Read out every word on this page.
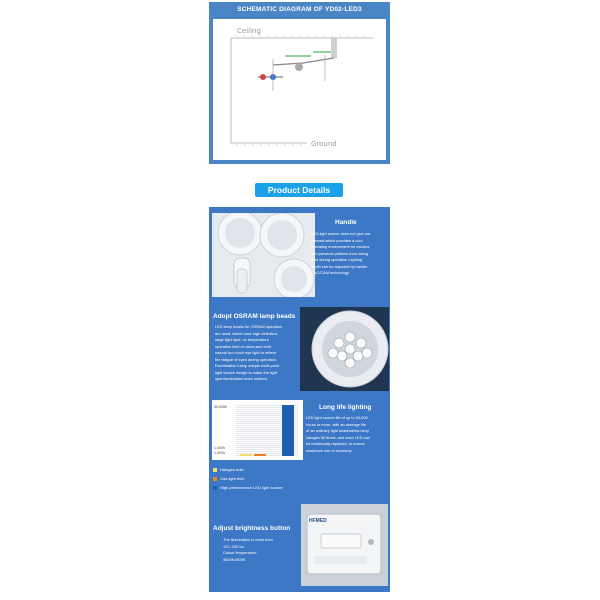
SCHEMATIC DIAGRAM OF YD02-LED3
Ceiling
Ground
Product Details
Handle
LED light source does not give out
infrared,which provides a cool
operating environment for doctors,
and prevents patients from losing
fluid during operation.Lighting
depth can be adjusted by handle
CAC/CAM technology.
Adopt OSRAM lamp beads
LED lamp beads for OSRAM operation
are used, which have high definition,
large light spot, no temperature
operation field of vision,and emit
natural too much eye light to relieve
the fatigue of eyes during operation.
Examination Lamp adopts multi-point
light source design to make the light
spot illumination more uniform.
50,000h
1,000h
1,000h
Long life lighting
LED light source life of up to 50,000
hours or more, with an average life
of an ordinary light shadowless lamp
halogen 50 times, and each LED can
be individually replaced, to ensure
maximum use of economy.
Halogen bulb
Gas light bulb
High-performance LED light source
Adjust brightness button
The illumination is more than
120, 000 lux
Colour temperature
4500K±500K
HFMED
